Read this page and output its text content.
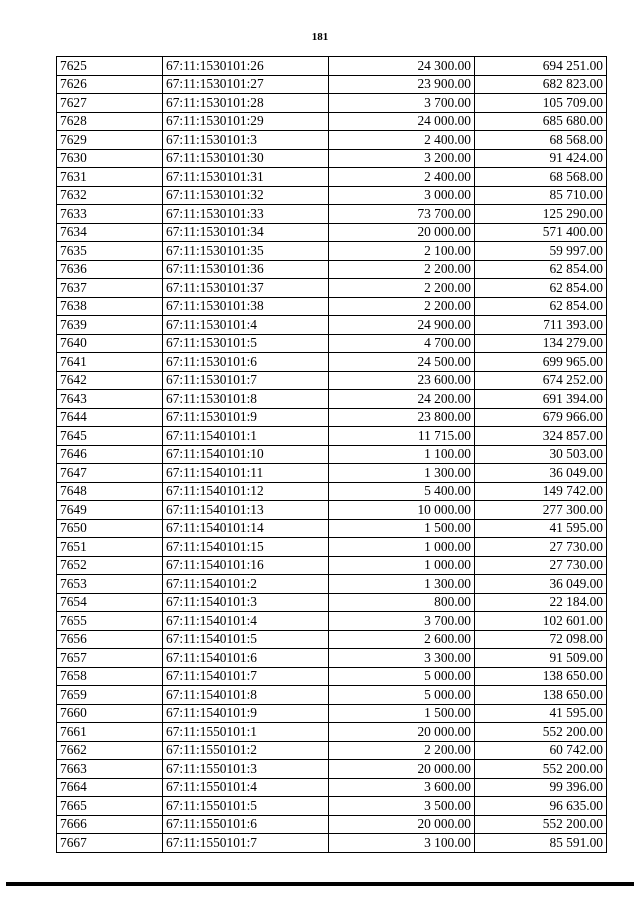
181
7625	67:11:1530101:26	24 300.00	694 251.00
7626	67:11:1530101:27	23 900.00	682 823.00
7627	67:11:1530101:28	3 700.00	105 709.00
7628	67:11:1530101:29	24 000.00	685 680.00
7629	67:11:1530101:3	2 400.00	68 568.00
7630	67:11:1530101:30	3 200.00	91 424.00
7631	67:11:1530101:31	2 400.00	68 568.00
7632	67:11:1530101:32	3 000.00	85 710.00
7633	67:11:1530101:33	73 700.00	125 290.00
7634	67:11:1530101:34	20 000.00	571 400.00
7635	67:11:1530101:35	2 100.00	59 997.00
7636	67:11:1530101:36	2 200.00	62 854.00
7637	67:11:1530101:37	2 200.00	62 854.00
7638	67:11:1530101:38	2 200.00	62 854.00
7639	67:11:1530101:4	24 900.00	711 393.00
7640	67:11:1530101:5	4 700.00	134 279.00
7641	67:11:1530101:6	24 500.00	699 965.00
7642	67:11:1530101:7	23 600.00	674 252.00
7643	67:11:1530101:8	24 200.00	691 394.00
7644	67:11:1530101:9	23 800.00	679 966.00
7645	67:11:1540101:1	11 715.00	324 857.00
7646	67:11:1540101:10	1 100.00	30 503.00
7647	67:11:1540101:11	1 300.00	36 049.00
7648	67:11:1540101:12	5 400.00	149 742.00
7649	67:11:1540101:13	10 000.00	277 300.00
7650	67:11:1540101:14	1 500.00	41 595.00
7651	67:11:1540101:15	1 000.00	27 730.00
7652	67:11:1540101:16	1 000.00	27 730.00
7653	67:11:1540101:2	1 300.00	36 049.00
7654	67:11:1540101:3	800.00	22 184.00
7655	67:11:1540101:4	3 700.00	102 601.00
7656	67:11:1540101:5	2 600.00	72 098.00
7657	67:11:1540101:6	3 300.00	91 509.00
7658	67:11:1540101:7	5 000.00	138 650.00
7659	67:11:1540101:8	5 000.00	138 650.00
7660	67:11:1540101:9	1 500.00	41 595.00
7661	67:11:1550101:1	20 000.00	552 200.00
7662	67:11:1550101:2	2 200.00	60 742.00
7663	67:11:1550101:3	20 000.00	552 200.00
7664	67:11:1550101:4	3 600.00	99 396.00
7665	67:11:1550101:5	3 500.00	96 635.00
7666	67:11:1550101:6	20 000.00	552 200.00
7667	67:11:1550101:7	3 100.00	85 591.00
